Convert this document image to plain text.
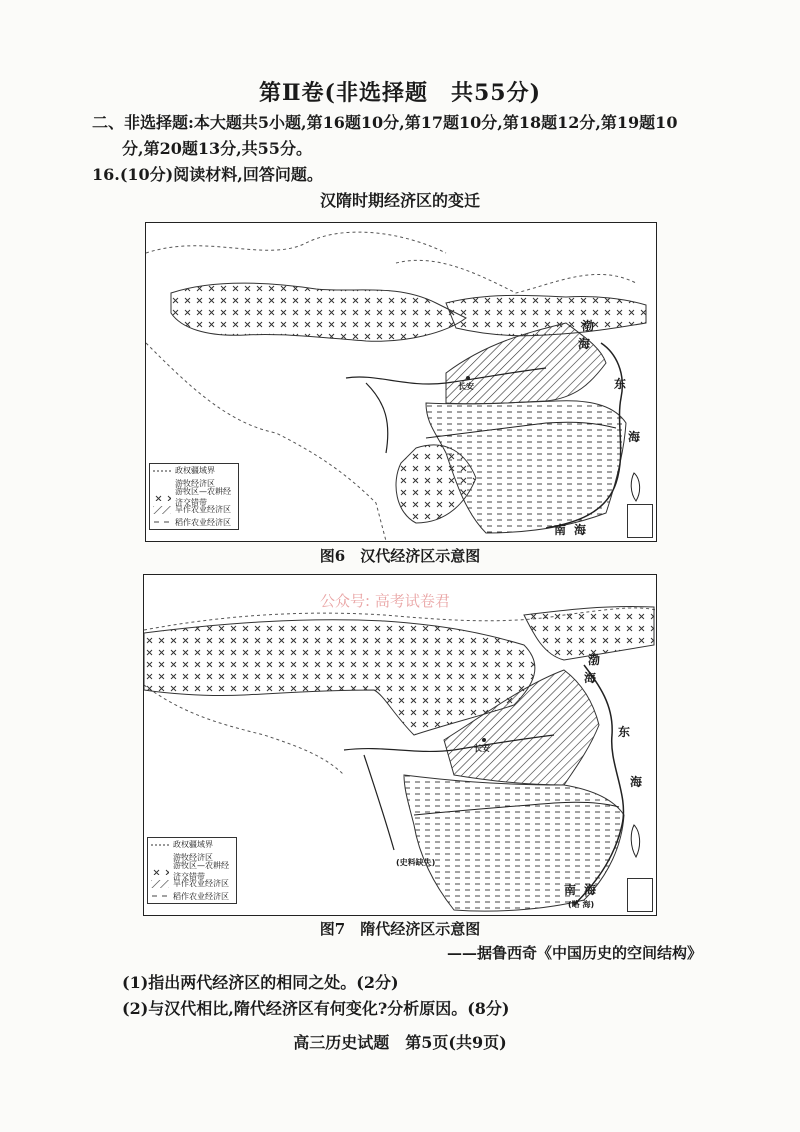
第Ⅱ卷(非选择题　共55分)
二、非选择题:本大题共5小题,第16题10分,第17题10分,第18题12分,第19题10
分,第20题13分,共55分。
16.(10分)阅读材料,回答问题。
汉隋时期经济区的变迁
政权疆域界
游牧经济区
游牧区—农耕经济交错带
旱作农业经济区
稻作农业经济区
渤
海
东
海
南 海
长安
图6　汉代经济区示意图
政权疆域界
游牧经济区
游牧区—农耕经济交错带
旱作农业经济区
稻作农业经济区
渤
海
东
海
南 海
长安
(史料缺失)
(略 海)
公众号: 高考试卷君
图7　隋代经济区示意图
——据鲁西奇《中国历史的空间结构》
(1)指出两代经济区的相同之处。(2分)
(2)与汉代相比,隋代经济区有何变化?分析原因。(8分)
高三历史试题　第5页(共9页)
